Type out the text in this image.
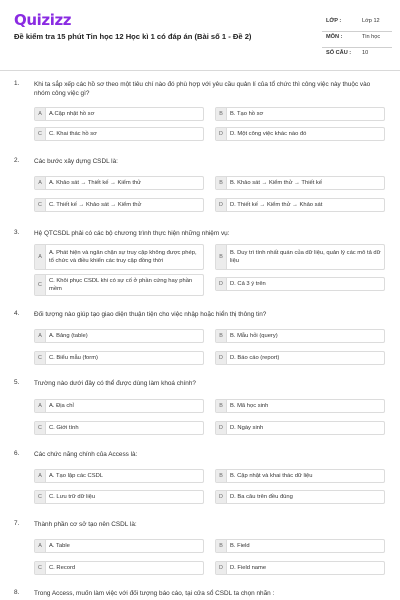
Quizizz
Đề kiểm tra 15 phút Tin học 12 Học kì 1 có đáp án (Bài số 1 - Đề 2)
LỚP :	Lớp 12
MÔN :	Tin học
SỐ CÂU : 10
1. Khi ta sắp xếp các hồ sơ theo một tiêu chí nào đó phù hợp với yêu cầu quản lí của tổ chức thì công việc này thuộc vào nhóm công việc gì?
A	A.Cập nhật hồ sơ	B	B. Tạo hồ sơ
C	C. Khai thác hồ sơ	D	D. Một công việc khác nào đó
2. Các bước xây dựng CSDL là:
A	A. Khảo sát → Thiết kế → Kiểm thử	B	B. Khảo sát → Kiểm thử → Thiết kế
C	C. Thiết kế → Khảo sát → Kiểm thử	D	D. Thiết kế → Kiểm thử → Khảo sát
3. Hệ QTCSDL phải có các bộ chương trình thực hiện những nhiệm vụ:
A
A. Phát hiện và ngăn chặn sự truy cập không được phép, tổ chức và điều khiển các truy cập đồng thời
B
B. Duy trì tính nhất quán của dữ liệu, quản lý các mô tả dữ liệu
C
C. Khôi phục CSDL khi có sự cố ở phần cứng hay phần mềm
D	D. Cả 3 ý trên
4. Đối tượng nào giúp tạo giao diện thuận tiện cho việc nhập hoặc hiển thị thông tin?
A	A. Bảng (table)	B	B. Mẫu hỏi (query)
C	C. Biểu mẫu (form)	D	D. Báo cáo (report)
5. Trường nào dưới đây có thể được dùng làm khoá chính?
A	A. Địa chỉ	B	B. Mã học sinh
C	C. Giới tính	D	D. Ngày sinh
6. Các chức năng chính của Access là:
A	A. Tạo lập các CSDL	B	B. Cập nhật và khai thác dữ liệu
C	C. Lưu trữ dữ liệu	D	D. Ba câu trên đều đúng
7. Thành phần cơ sở tạo nên CSDL là:
A	A. Table	B	B. Field
C	C. Record	D	D. Field name
8. Trong Access, muốn làm việc với đối tượng báo cáo, tại cửa sổ CSDL ta chọn nhãn :
